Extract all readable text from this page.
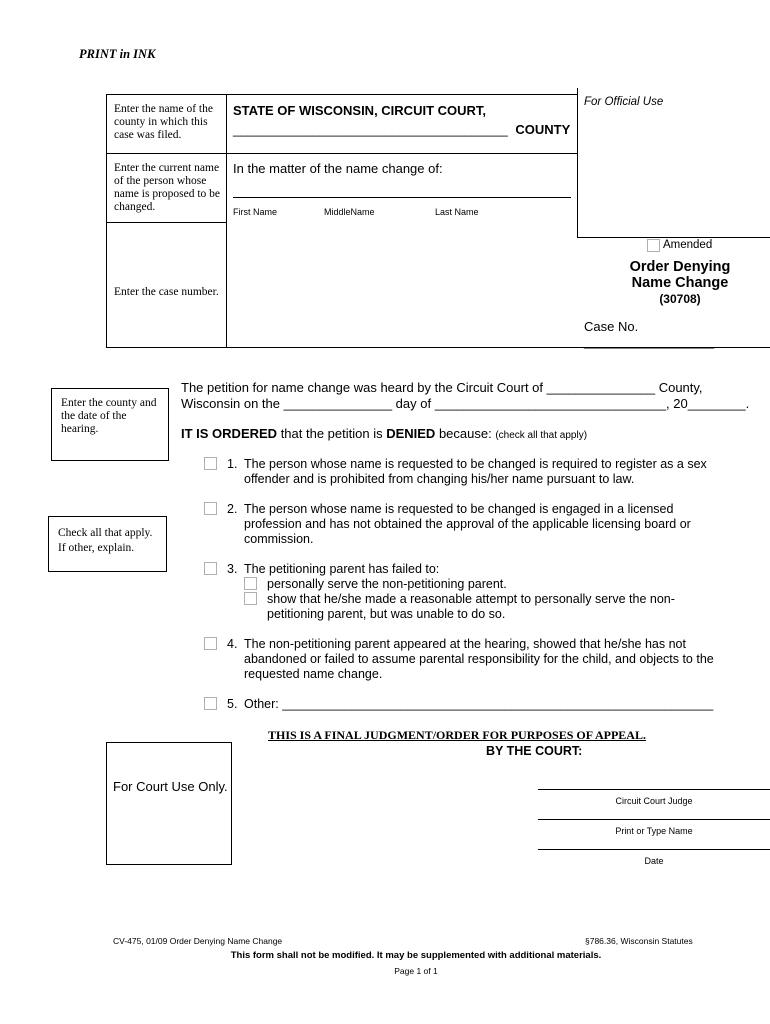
PRINT in INK
Enter the name of the county in which this case was filed.
STATE OF WISCONSIN, CIRCUIT COURT,
______________________________________ COUNTY
Enter the current name of the person whose name is proposed to be changed.
In the matter of the name change of:
First Name	MiddleName	Last Name
Enter the case number.
For Official Use
Amended
Order Denying
Name Change
(30708)
Case No. __________________
Enter the county and the date of the hearing.
The petition for name change was heard by the Circuit Court of _______________ County,
Wisconsin on the _______________ day of ________________________________, 20________.
IT IS ORDERED that the petition is DENIED because: (check all that apply)
Check all that apply. If other, explain.
1. The person whose name is requested to be changed is required to register as a sex
offender and is prohibited from changing his/her name pursuant to law.
2. The person whose name is requested to be changed is engaged in a licensed
profession and has not obtained the approval of the applicable licensing board or
commission.
3. The petitioning parent has failed to:
personally serve the non-petitioning parent.
show that he/she made a reasonable attempt to personally serve the non-
petitioning parent, but was unable to do so.
4. The non-petitioning parent appeared at the hearing, showed that he/she has not
abandoned or failed to assume parental responsibility for the child, and objects to the
requested name change.
5. Other: ______________________________________________________________
THIS IS A FINAL JUDGMENT/ORDER FOR PURPOSES OF APPEAL.
BY THE COURT:
For Court Use Only.
Circuit Court Judge
Print or Type Name
Date
CV-475, 01/09 Order Denying Name Change	§786.36, Wisconsin Statutes
This form shall not be modified. It may be supplemented with additional materials.
Page 1 of 1
